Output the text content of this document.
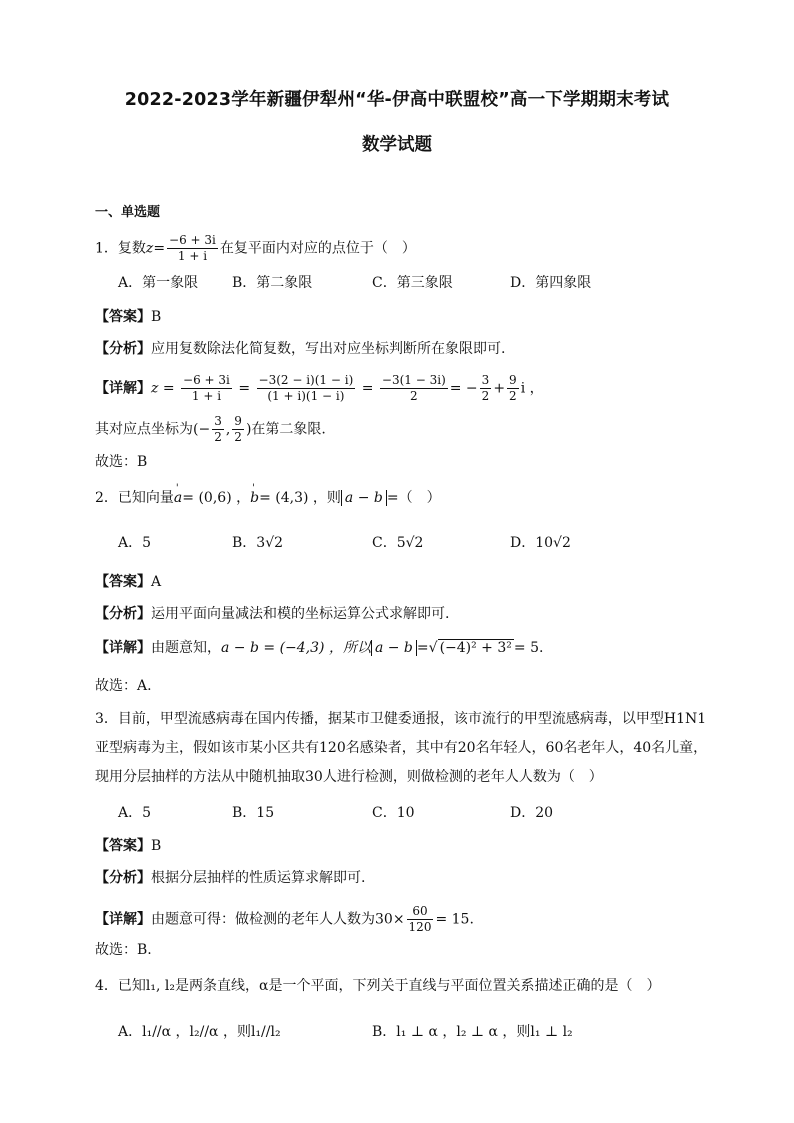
2022-2023学年新疆伊犁州“华-伊高中联盟校”高一下学期期末考试
数学试题
一、单选题
1．复数$z= \frac{-6 + 3i}{1 + i}$ 在复平面内对应的点位于（　）
A．第一象限 B．第二象限	C．第三象限	D．第四象限
【答案】B
【分析】应用复数除法化简复数，写出对应坐标判断所在象限即可.
【详解】$z = \frac{-6 + 3i}{1 + i} = \frac{-3(2 - i)(1 - i)}{(1 + i)(1 - i)} = \frac{-3(1 - 3i)}{2}$ = − $\frac{3}{2} + \frac{9}{2}$ i ，
其对应点坐标为(− $\frac{3}{2}$ , $\frac{9}{2}$ )在第二象限.
故选：B
2．已知向量' a= (0,6) ，' b= (4,3) ，则 a − b =（　）
A．5	B．3√2	C．5√2	D．10√2
【答案】A
【分析】运用平面向量减法和模的坐标运算公式求解即可.
【详解】由题意知，a − b = (−4,3) ，所以 a − b =√ (−4)² + 3² = 5.
故选：A.
3．目前，甲型流感病毒在国内传播，据某市卫健委通报，该市流行的甲型流感病毒，以甲型H1N1
亚型病毒为主，假如该市某小区共有120名感染者，其中有20名年轻人，60名老年人，40名儿童，
现用分层抽样的方法从中随机抽取30人进行检测，则做检测的老年人人数为（　）
A．5	B．15	C．10	D．20
【答案】B
【分析】根据分层抽样的性质运算求解即可.
【详解】由题意可得：做检测的老年人人数为$30\times \frac{60}{120} = 15$.
故选：B.
4．已知l₁, l₂是两条直线，α是一个平面，下列关于直线与平面位置关系描述正确的是（　）
A．l₁//α ，l₂//α ，则l₁//l₂	B．l₁ ⊥ α ，l₂ ⊥ α ，则l₁ ⊥ l₂
